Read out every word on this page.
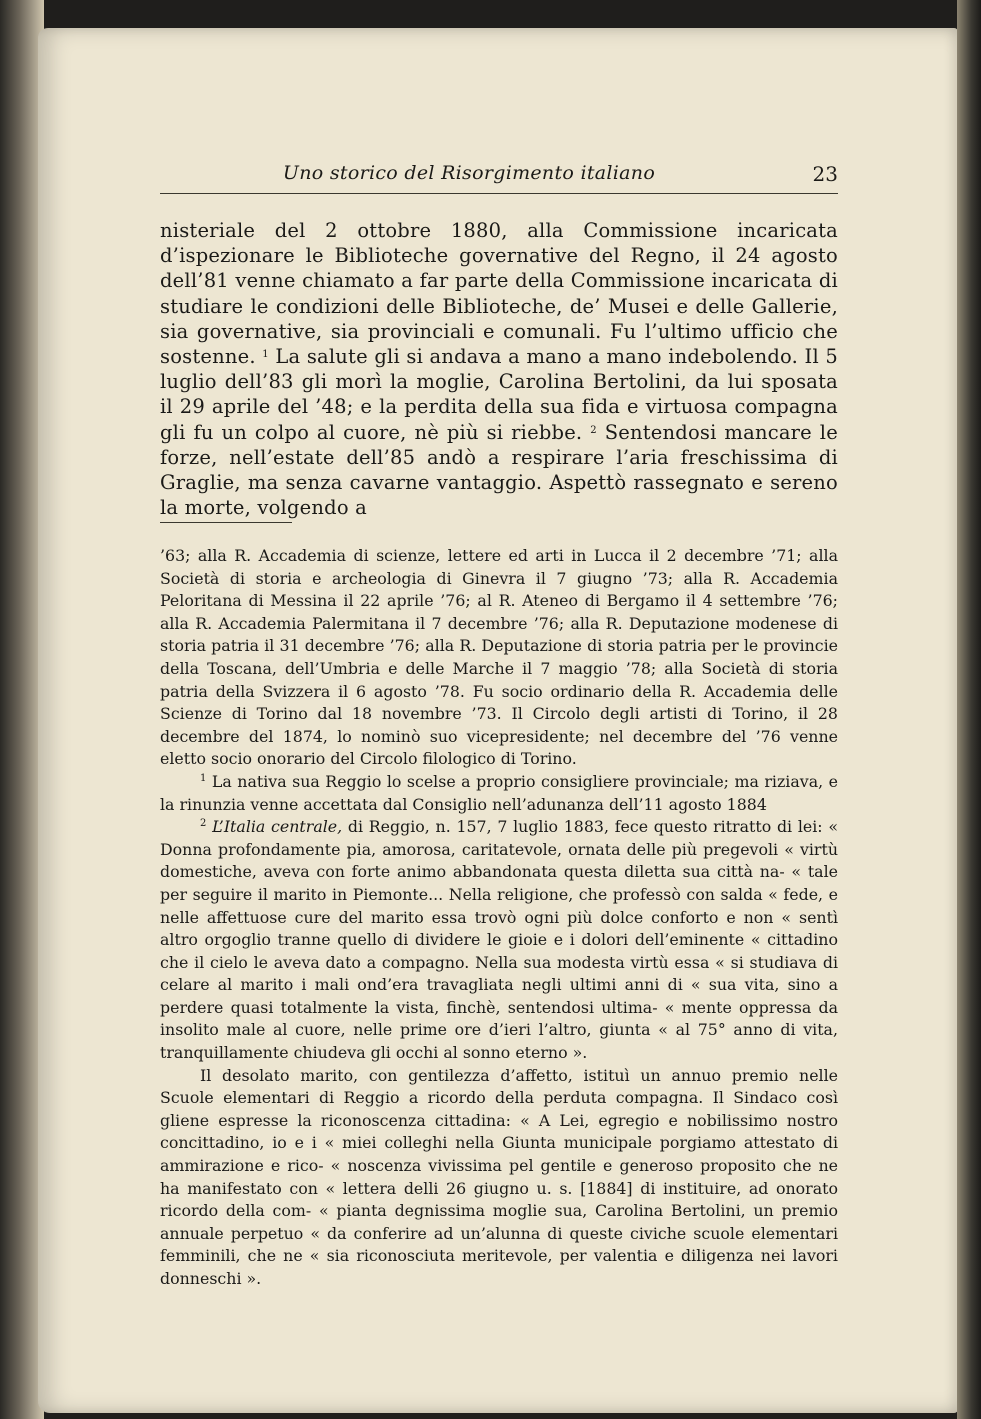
Uno storico del Risorgimento italiano	23
nisteriale del 2 ottobre 1880, alla Commissione incaricata d’ispezionare le Biblioteche governative del Regno, il 24 agosto dell’81 venne chiamato a far parte della Commissione incaricata di studiare le condizioni delle Biblioteche, de’ Musei e delle Gallerie, sia governative, sia provinciali e comunali. Fu l’ultimo ufficio che sostenne. $^1$ La salute gli si andava a mano a mano indebolendo. Il 5 luglio dell’83 gli morì la moglie, Carolina Bertolini, da lui sposata il 29 aprile del ’48; e la perdita della sua fida e virtuosa compagna gli fu un colpo al cuore, nè più si riebbe. $^2$ Sentendosi mancare le forze, nell’estate dell’85 andò a respirare l’aria freschissima di Graglie, ma senza cavarne vantaggio. Aspettò rassegnato e sereno la morte, volgendo a

’63; alla R. Accademia di scienze, lettere ed arti in Lucca il 2 decembre ’71; alla Società di storia e archeologia di Ginevra il 7 giugno ’73; alla R. Accademia Peloritana di Messina il 22 aprile ’76; al R. Ateneo di Bergamo il 4 settembre ’76; alla R. Accademia Palermitana il 7 decembre ’76; alla R. Deputazione modenese di storia patria il 31 decembre ’76; alla R. Deputazione di storia patria per le provincie della Toscana, dell’Umbria e delle Marche il 7 maggio ’78; alla Società di storia patria della Svizzera il 6 agosto ’78. Fu socio ordinario della R. Accademia delle Scienze di Torino dal 18 novembre ’73. Il Circolo degli artisti di Torino, il 28 decembre del 1874, lo nominò suo vicepresidente; nel decembre del ’76 venne eletto socio onorario del Circolo filologico di Torino.

$^1$ La nativa sua Reggio lo scelse a proprio consigliere provinciale; ma riziava, e la rinunzia venne accettata dal Consiglio nell’adunanza dell’11 agosto 1884

$^2$ L’Italia centrale, di Reggio, n. 157, 7 luglio 1883, fece questo ritratto di lei: « Donna profondamente pia, amorosa, caritatevole, ornata delle più pregevoli « virtù domestiche, aveva con forte animo abbandonata questa diletta sua città na- « tale per seguire il marito in Piemonte... Nella religione, che professò con salda « fede, e nelle affettuose cure del marito essa trovò ogni più dolce conforto e non « sentì altro orgoglio tranne quello di dividere le gioie e i dolori dell’eminente « cittadino che il cielo le aveva dato a compagno. Nella sua modesta virtù essa « si studiava di celare al marito i mali ond’era travagliata negli ultimi anni di « sua vita, sino a perdere quasi totalmente la vista, finchè, sentendosi ultima- « mente oppressa da insolito male al cuore, nelle prime ore d’ieri l’altro, giunta « al 75° anno di vita, tranquillamente chiudeva gli occhi al sonno eterno ».

Il desolato marito, con gentilezza d’affetto, istituì un annuo premio nelle Scuole elementari di Reggio a ricordo della perduta compagna. Il Sindaco così gliene espresse la riconoscenza cittadina: « A Lei, egregio e nobilissimo nostro concittadino, io e i « miei colleghi nella Giunta municipale porgiamo attestato di ammirazione e rico- « noscenza vivissima pel gentile e generoso proposito che ne ha manifestato con « lettera delli 26 giugno u. s. [1884] di instituire, ad onorato ricordo della com- « pianta degnissima moglie sua, Carolina Bertolini, un premio annuale perpetuo « da conferire ad un’alunna di queste civiche scuole elementari femminili, che ne « sia riconosciuta meritevole, per valentia e diligenza nei lavori donneschi ».
